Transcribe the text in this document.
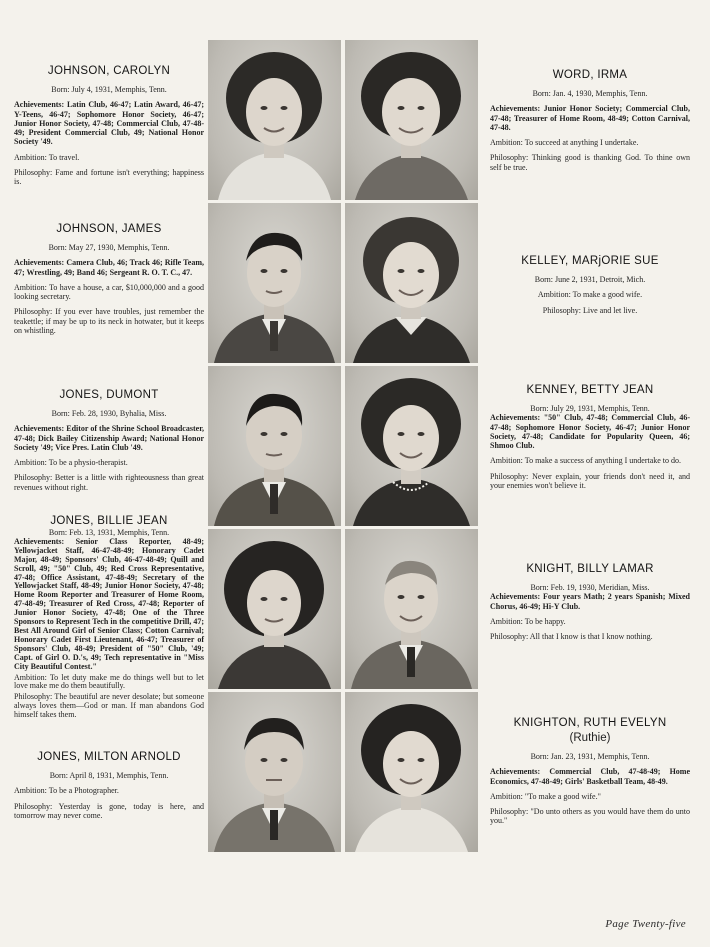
JOHNSON, CAROLYN
Born: July 4, 1931, Memphis, Tenn.

Achievements: Latin Club, 46-47; Latin Award, 46-47; Y-Teens, 46-47; Sophomore Honor Society, 46-47; Junior Honor Society, 47-48; Commercial Club, 47-48-49; President Commercial Club, 49; National Honor Society '49.

Ambition: To travel.

Philosophy: Fame and fortune isn't everything; happiness is.

JOHNSON, JAMES
Born: May 27, 1930, Memphis, Tenn.

Achievements: Camera Club, 46; Track 46; Rifle Team, 47; Wrestling, 49; Band 46; Sergeant R. O. T. C., 47.

Ambition: To have a house, a car, $10,000,000 and a good looking secretary.

Philosophy: If you ever have troubles, just remember the teakettle; if may be up to its neck in hotwater, but it keeps on whistling.

JONES, DUMONT
Born: Feb. 28, 1930, Byhalia, Miss.

Achievements: Editor of the Shrine School Broadcaster, 47-48; Dick Bailey Citizenship Award; National Honor Society '49; Vice Pres. Latin Club '49.

Ambition: To be a physio-therapist.

Philosophy: Better is a little with righteousness than great revenues without right.

JONES, BILLIE JEAN
Born: Feb. 13, 1931, Memphis, Tenn.

Achievements: Senior Class Reporter, 48-49; Yellowjacket Staff, 46-47-48-49; Honorary Cadet Major, 48-49; Sponsors' Club, 46-47-48-49; Quill and Scroll, 49; "50" Club, 49; Red Cross Representative, 47-48; Office Assistant, 47-48-49; Secretary of the Yellowjacket Staff, 48-49; Junior Honor Society, 47-48; Home Room Reporter and Treasurer of Home Room, 47-48-49; Treasurer of Red Cross, 47-48; Reporter of Junior Honor Society, 47-48; One of the Three Sponsors to Represent Tech in the competitive Drill, 47; Best All Around Girl of Senior Class; Cotton Carnival; Honorary Cadet First Lieutenant, 46-47; Treasurer of Sponsors' Club, 48-49; President of "50" Club, '49; Capt. of Girl O. D.'s, 49; Tech representative in "Miss City Beautiful Contest."

Ambition: To let duty make me do things well but to let love make me do them beautifully.

Philosophy: The beautiful are never desolate; but someone always loves them—God or man. If man abandons God himself takes them.

JONES, MILTON ARNOLD
Born: April 8, 1931, Memphis, Tenn.

Ambition: To be a Photographer.

Philosophy: Yesterday is gone, today is here, and tomorrow may never come.

WORD, IRMA
Born: Jan. 4, 1930, Memphis, Tenn.

Achievements: Junior Honor Society; Commercial Club, 47-48; Treasurer of Home Room, 48-49; Cotton Carnival, 47-48.

Ambition: To succeed at anything I undertake.

Philosophy: Thinking good is thanking God. To thine own self be true.

KELLEY, MARjORIE SUE
Born: June 2, 1931, Detroit, Mich.

Ambition: To make a good wife.

Philosophy: Live and let live.

KENNEY, BETTY JEAN
Born: July 29, 1931, Memphis, Tenn.

Achievements: "50" Club, 47-48; Commercial Club, 46-47-48; Sophomore Honor Society, 46-47; Junior Honor Society, 47-48; Candidate for Popularity Queen, 46; Shmoo Club.

Ambition: To make a success of anything I undertake to do.

Philosophy: Never explain, your friends don't need it, and your enemies won't believe it.

KNIGHT, BILLY LAMAR
Born: Feb. 19, 1930, Meridian, Miss.

Achievements: Four years Math; 2 years Spanish; Mixed Chorus, 46-49; Hi-Y Club.

Ambition: To be happy.

Philosophy: All that I know is that I know nothing.

KNIGHTON, RUTH EVELYN
(Ruthie)
Born: Jan. 23, 1931, Memphis, Tenn.

Achievements: Commercial Club, 47-48-49; Home Economics, 47-48-49; Girls' Basketball Team, 48-49.

Ambition: "To make a good wife."

Philosophy: "Do unto others as you would have them do unto you."

Page Twenty-five
